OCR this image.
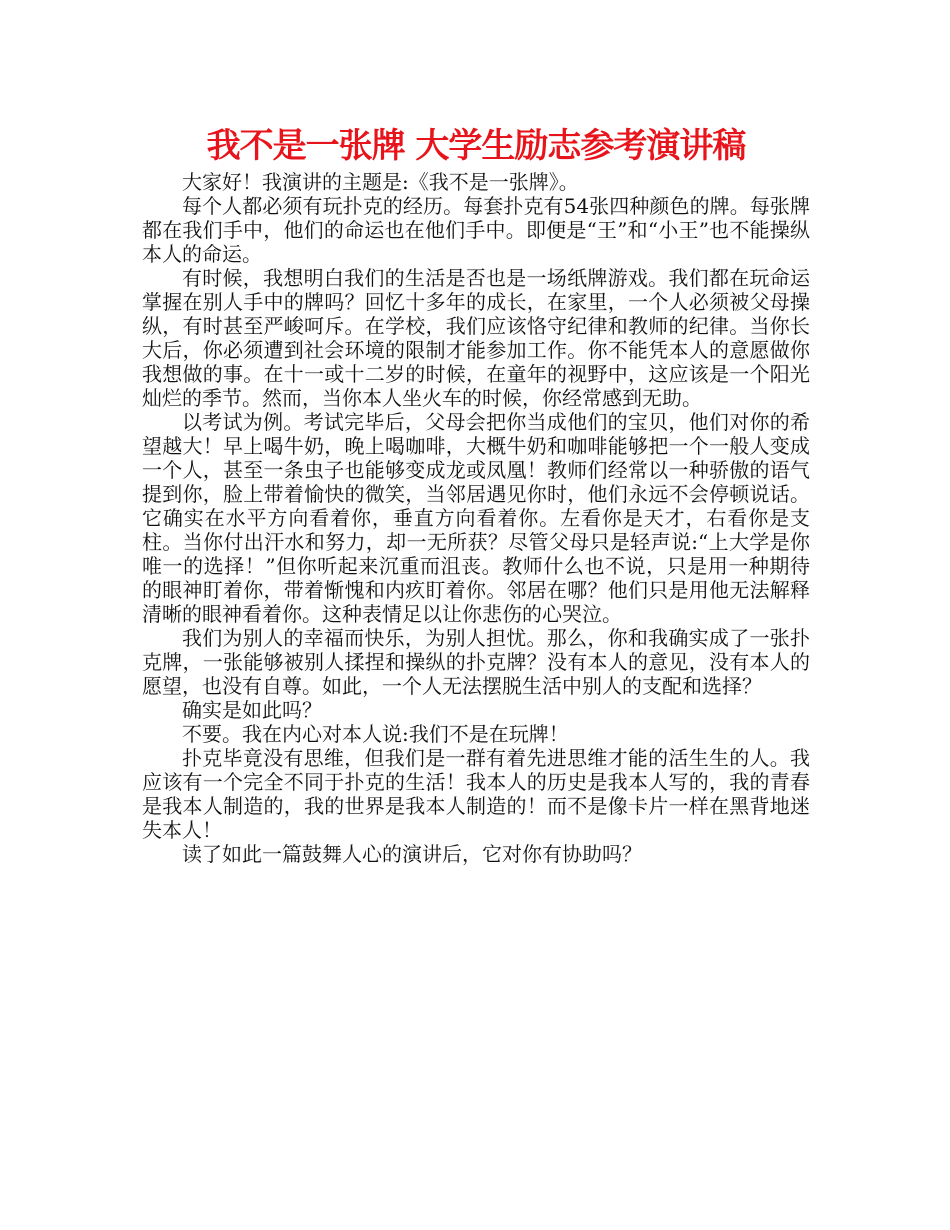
我不是一张牌 大学生励志参考演讲稿

大家好！我演讲的主题是:《我不是一张牌》。

每个人都必须有玩扑克的经历。每套扑克有54张四种颜色的牌。每张牌都在我们手中，他们的命运也在他们手中。即便是“王”和“小王”也不能操纵本人的命运。

有时候，我想明白我们的生活是否也是一场纸牌游戏。我们都在玩命运掌握在别人手中的牌吗？回忆十多年的成长，在家里，一个人必须被父母操纵，有时甚至严峻呵斥。在学校，我们应该恪守纪律和教师的纪律。当你长大后，你必须遭到社会环境的限制才能参加工作。你不能凭本人的意愿做你我想做的事。在十一或十二岁的时候，在童年的视野中，这应该是一个阳光灿烂的季节。然而，当你本人坐火车的时候，你经常感到无助。

以考试为例。考试完毕后，父母会把你当成他们的宝贝，他们对你的希望越大！早上喝牛奶，晚上喝咖啡，大概牛奶和咖啡能够把一个一般人变成一个人，甚至一条虫子也能够变成龙或凤凰！教师们经常以一种骄傲的语气提到你，脸上带着愉快的微笑，当邻居遇见你时，他们永远不会停顿说话。它确实在水平方向看着你，垂直方向看着你。左看你是天才，右看你是支柱。当你付出汗水和努力，却一无所获？尽管父母只是轻声说:“上大学是你唯一的选择！”但你听起来沉重而沮丧。教师什么也不说，只是用一种期待的眼神盯着你，带着惭愧和内疚盯着你。邻居在哪？他们只是用他无法解释清晰的眼神看着你。这种表情足以让你悲伤的心哭泣。

我们为别人的幸福而快乐，为别人担忧。那么，你和我确实成了一张扑克牌，一张能够被别人揉捏和操纵的扑克牌？没有本人的意见，没有本人的愿望，也没有自尊。如此，一个人无法摆脱生活中别人的支配和选择？

确实是如此吗？

不要。我在内心对本人说:我们不是在玩牌！

扑克毕竟没有思维，但我们是一群有着先进思维才能的活生生的人。我应该有一个完全不同于扑克的生活！我本人的历史是我本人写的，我的青春是我本人制造的，我的世界是我本人制造的！而不是像卡片一样在黑背地迷失本人！

读了如此一篇鼓舞人心的演讲后，它对你有协助吗？
